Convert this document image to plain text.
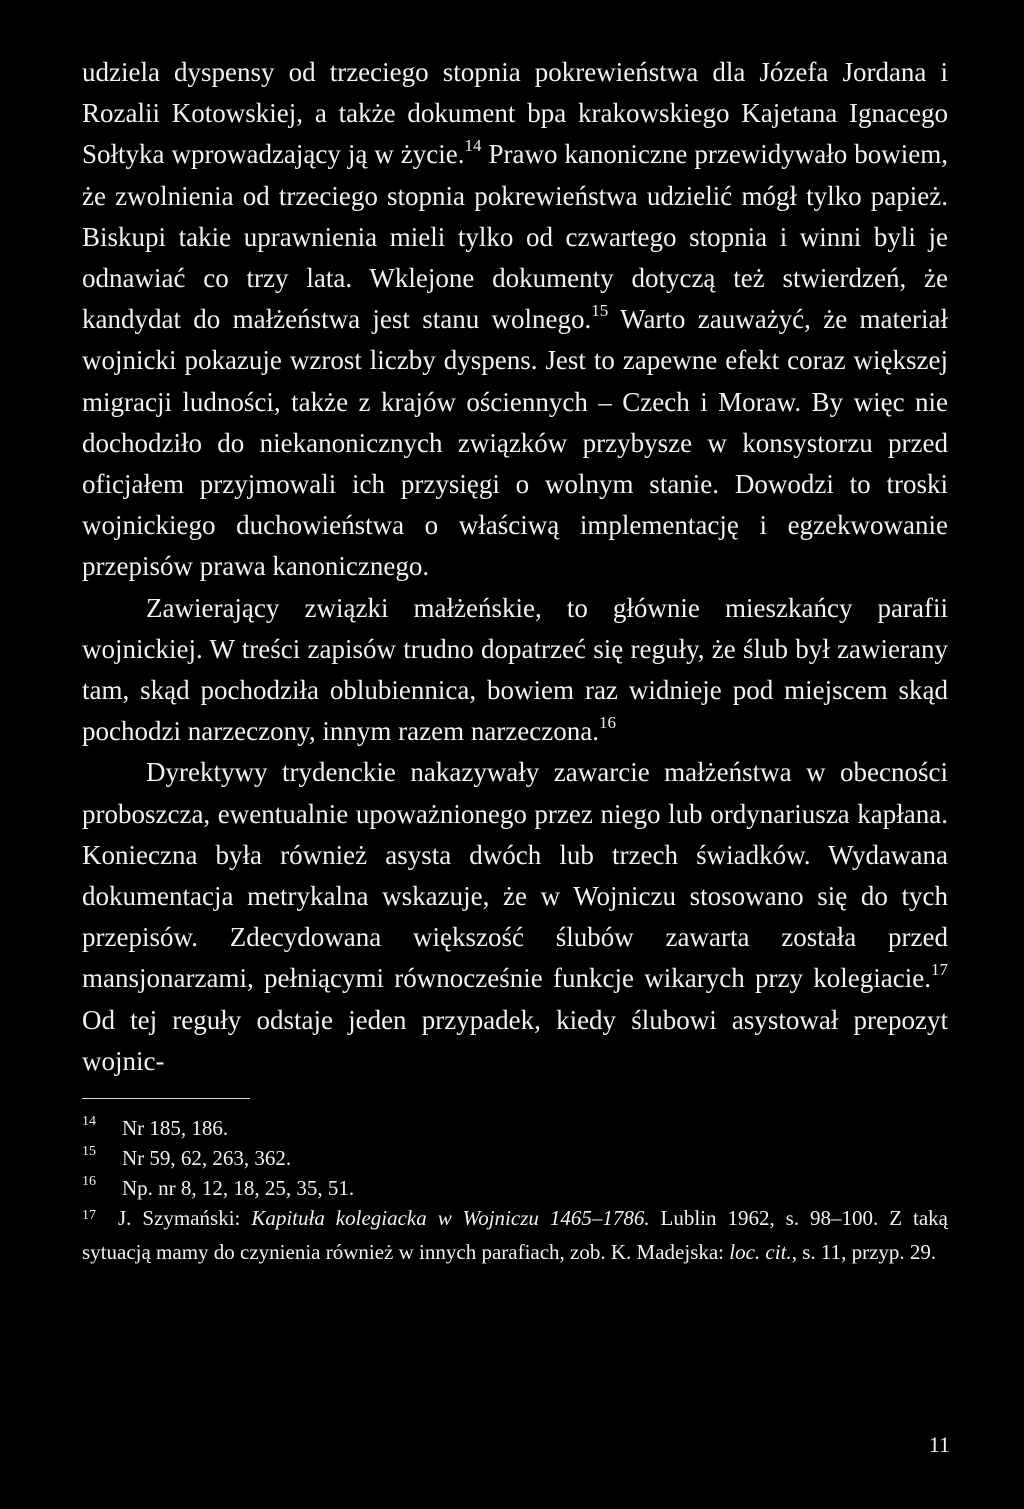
udziela dyspensy od trzeciego stopnia pokrewieństwa dla Józefa Jordana i Rozalii Kotowskiej, a także dokument bpa krakowskiego Kajetana Ignacego Sołtyka wprowadzający ją w życie.$^{14}$ Prawo kanoniczne przewidywało bowiem, że zwolnienia od trzeciego stopnia pokrewieństwa udzielić mógł tylko papież. Biskupi takie uprawnienia mieli tylko od czwartego stopnia i winni byli je odnawiać co trzy lata. Wklejone dokumenty dotyczą też stwierdzeń, że kandydat do małżeństwa jest stanu wolnego.$^{15}$ Warto zauważyć, że materiał wojnicki pokazuje wzrost liczby dyspens. Jest to zapewne efekt coraz większej migracji ludności, także z krajów ościennych – Czech i Moraw. By więc nie dochodziło do niekanonicznych związków przybysze w konsystorzu przed oficjałem przyjmowali ich przysięgi o wolnym stanie. Dowodzi to troski wojnickiego duchowieństwa o właściwą implementację i egzekwowanie przepisów prawa kanonicznego.

Zawierający związki małżeńskie, to głównie mieszkańcy parafii wojnickiej. W treści zapisów trudno dopatrzeć się reguły, że ślub był zawierany tam, skąd pochodziła oblubiennica, bowiem raz widnieje pod miejscem skąd pochodzi narzeczony, innym razem narzeczona.$^{16}$

Dyrektywy trydenckie nakazywały zawarcie małżeństwa w obecności proboszcza, ewentualnie upoważnionego przez niego lub ordynariusza kapłana. Konieczna była również asysta dwóch lub trzech świadków. Wydawana dokumentacja metrykalna wskazuje, że w Wojniczu stosowano się do tych przepisów. Zdecydowana większość ślubów zawarta została przed mansjonarzami, pełniącymi równocześnie funkcje wikarych przy kolegiacie.$^{17}$ Od tej reguły odstaje jeden przypadek, kiedy ślubowi asystował prepozyt wojnic-

14	Nr 185, 186.

15	Nr 59, 62, 263, 362.

16	Np. nr 8, 12, 18, 25, 35, 51.

17 J. Szymański: Kapituła kolegiacka w Wojniczu 1465–1786. Lublin 1962, s. 98–100. Z taką sytuacją mamy do czynienia również w innych parafiach, zob. K. Madejska: loc. cit., s. 11, przyp. 29.

11
